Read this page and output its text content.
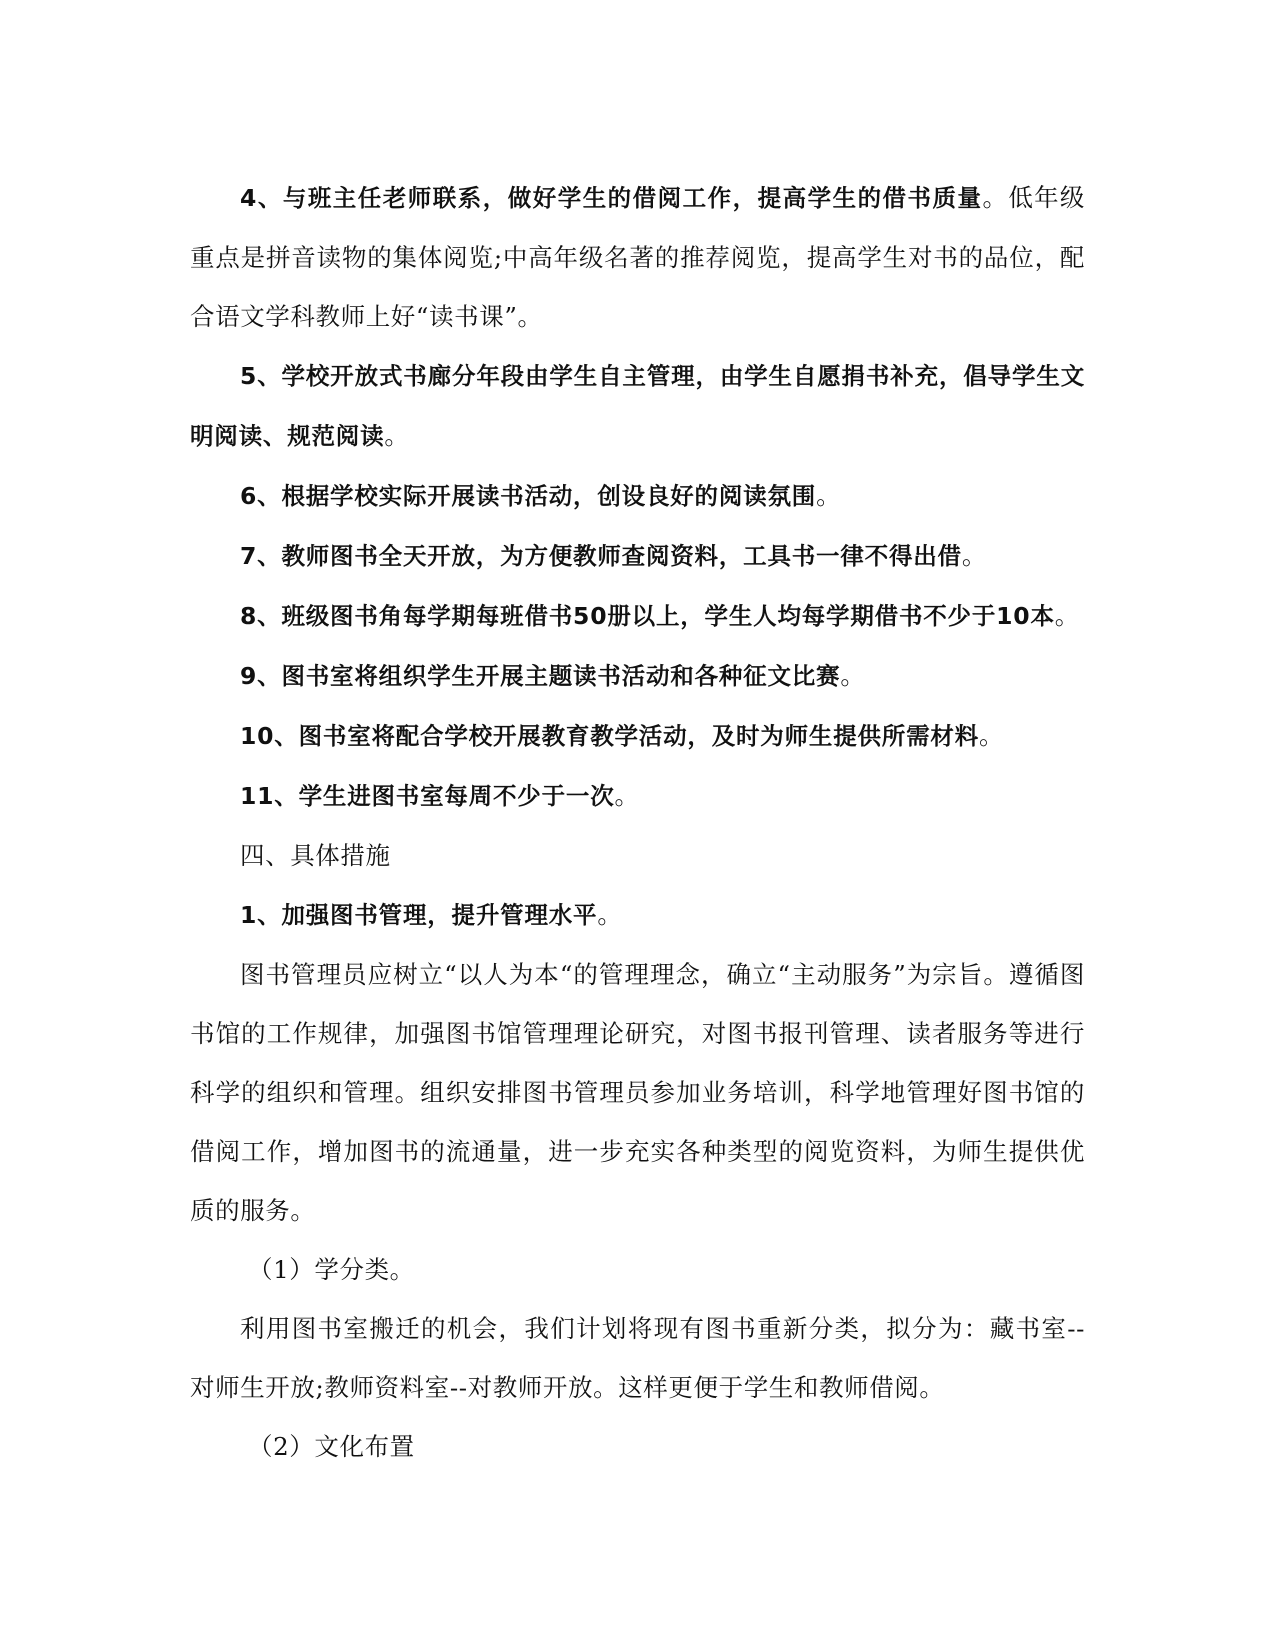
4、与班主任老师联系，做好学生的借阅工作，提高学生的借书质量。低年级重点是拼音读物的集体阅览;中高年级名著的推荐阅览，提高学生对书的品位，配合语文学科教师上好“读书课”。

5、学校开放式书廊分年段由学生自主管理，由学生自愿捐书补充，倡导学生文明阅读、规范阅读。

6、根据学校实际开展读书活动，创设良好的阅读氛围。

7、教师图书全天开放，为方便教师查阅资料，工具书一律不得出借。

8、班级图书角每学期每班借书50册以上，学生人均每学期借书不少于10本。

9、图书室将组织学生开展主题读书活动和各种征文比赛。

10、图书室将配合学校开展教育教学活动，及时为师生提供所需材料。

11、学生进图书室每周不少于一次。

四、具体措施

1、加强图书管理，提升管理水平。

图书管理员应树立“以人为本“的管理理念，确立“主动服务”为宗旨。遵循图书馆的工作规律，加强图书馆管理理论研究，对图书报刊管理、读者服务等进行科学的组织和管理。组织安排图书管理员参加业务培训，科学地管理好图书馆的借阅工作，增加图书的流通量，进一步充实各种类型的阅览资料，为师生提供优质的服务。

（1）学分类。

利用图书室搬迁的机会，我们计划将现有图书重新分类，拟分为：藏书室--对师生开放;教师资料室--对教师开放。这样更便于学生和教师借阅。

（2）文化布置
